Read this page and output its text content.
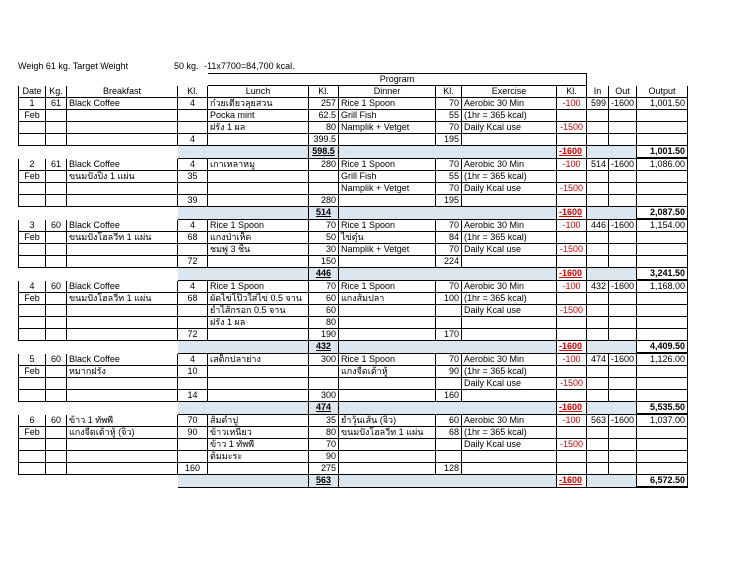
Weigh 61 kg. Target Weight	50 kg. -11x7700=84,700 kcal.
				Program								
Date	Kg.	Breakfast	Kl.	Lunch	Kl.	Dinner	Kl.	Exercise	Kl.	In	Out	Output
1	61	Black Coffee	4	ก๋วยเตี๋ยวลุยสวน	257	Rice 1 Spoon	70	Aerobic 30 Min	-100	599	-1600	1,001.50
Feb				Pocka mint	62.5	Grill Fish	55	(1hr = 365 kcal)				
				ฝรั่ง 1 ผล	80	Namplik + Vetget	70	Daily Kcal use	-1500			
			4		399.5		195					
					598.5				-1600			1,001.50
2	61	Black Coffee	4	เกาเหลาหมู	280	Rice 1 Spoon	70	Aerobic 30 Min	-100	514	-1600	1,086.00
Feb		ขนมปังปิ้ง 1 แผ่น	35			Grill Fish	55	(1hr = 365 kcal)				
						Namplik + Vetget	70	Daily Kcal use	-1500			
			39		280		195					
					514				-1600			2,087.50
3	60	Black Coffee	4	Rice 1 Spoon	70	Rice 1 Spoon	70	Aerobic 30 Min	-100	446	-1600	1,154.00
Feb		ขนมปังโฮลวีท 1 แผ่น	68	แกงป่าเห็ด	50	ไข่ตุ๋น	84	(1hr = 365 kcal)				
				ชมพู่ 3 ชิ้น	30	Namplik + Vetget	70	Daily Kcal use	-1500			
			72		150		224					
					446				-1600			3,241.50
4	60	Black Coffee	4	Rice 1 Spoon	70	Rice 1 Spoon	70	Aerobic 30 Min	-100	432	-1600	1,168.00
Feb		ขนมปังโฮลวีท 1 แผ่น	68	ผัดไข่โป๊วใส่ไข่ 0.5 จาน	60	แกงส้มปลา	100	(1hr = 365 kcal)				
				ยำไส้กรอก 0.5 จาน	60			Daily Kcal use	-1500			
				ฝรั่ง 1 ผล	80							
			72		190		170					
					432				-1600			4,409.50
5	60	Black Coffee	4	เสต็กปลาย่าง	300	Rice 1 Spoon	70	Aerobic 30 Min	-100	474	-1600	1,126.00
Feb		หมากฝรั่ง	10			แกงจืดเต้าหู้	90	(1hr = 365 kcal)				
								Daily Kcal use	-1500			
			14		300		160					
					474				-1600			5,535.50
6	60	ข้าว 1 ทัพพี	70	ส้มตำปู	35	ยำวุ้นเส้น (จิ๋ว)	60	Aerobic 30 Min	-100	563	-1600	1,037.00
Feb		แกงจืดเต้าหู้ (จิ๋ว)	90	ข้าวเหนียว	80	ขนมปังโฮลวีท 1 แผ่น	68	(1hr = 365 kcal)				
				ข้าว 1 ทัพพี	70			Daily Kcal use	-1500			
				ต้มมะระ	90							
			160		275		128					
					563				-1600			6,572.50
